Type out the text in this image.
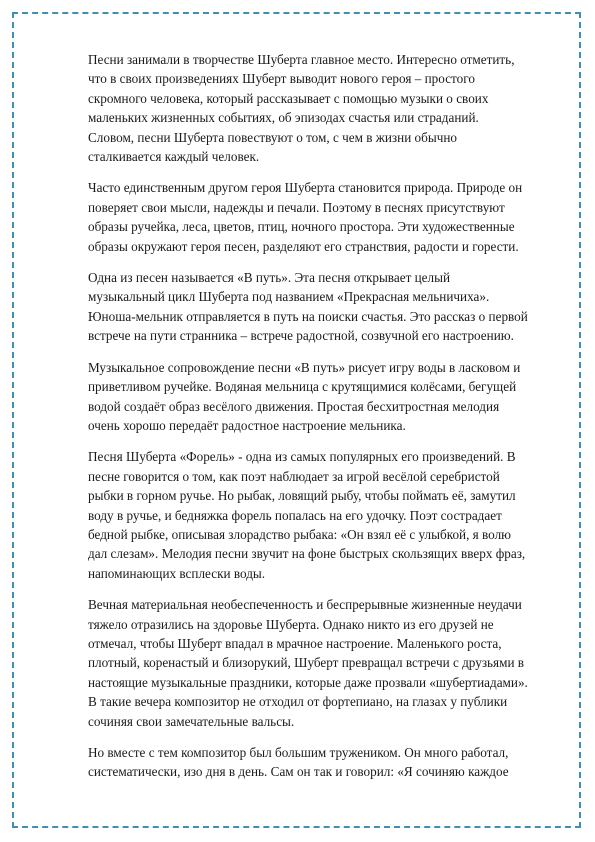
Песни занимали в творчестве Шуберта главное место. Интересно отметить, что в своих произведениях Шуберт выводит нового героя – простого скромного человека, который рассказывает с помощью музыки о своих маленьких жизненных событиях, об эпизодах счастья или страданий. Словом, песни Шуберта повествуют о том, с чем в жизни обычно сталкивается каждый человек.

Часто единственным другом героя Шуберта становится природа. Природе он поверяет свои мысли, надежды и печали. Поэтому в песнях присутствуют образы ручейка, леса, цветов, птиц, ночного простора. Эти художественные образы окружают героя песен, разделяют его странствия, радости и горести.

Одна из песен называется «В путь». Эта песня открывает целый музыкальный цикл Шуберта под названием «Прекрасная мельничиха». Юноша-мельник отправляется в путь на поиски счастья. Это рассказ о первой встрече на пути странника – встрече радостной, созвучной его настроению.

Музыкальное сопровождение песни «В путь» рисует игру воды в ласковом и приветливом ручейке. Водяная мельница с крутящимися колёсами, бегущей водой создаёт образ весёлого движения. Простая бесхитростная мелодия очень хорошо передаёт радостное настроение мельника.

Песня Шуберта «Форель» - одна из самых популярных его произведений. В песне говорится о том, как поэт наблюдает за игрой весёлой серебристой рыбки в горном ручье. Но рыбак, ловящий рыбу, чтобы поймать её, замутил воду в ручье, и бедняжка форель попалась на его удочку. Поэт сострадает бедной рыбке, описывая злорадство рыбака: «Он взял её с улыбкой, я волю дал слезам». Мелодия песни звучит на фоне быстрых скользящих вверх фраз, напоминающих всплески воды.

Вечная материальная необеспеченность и беспрерывные жизненные неудачи тяжело отразились на здоровье Шуберта. Однако никто из его друзей не отмечал, чтобы Шуберт впадал в мрачное настроение. Маленького роста, плотный, коренастый и близорукий, Шуберт превращал встречи с друзьями в настоящие музыкальные праздники, которые даже прозвали «шубертиадами». В такие вечера композитор не отходил от фортепиано, на глазах у публики сочиняя свои замечательные вальсы.

Но вместе с тем композитор был большим тружеником. Он много работал, систематически, изо дня в день. Сам он так и говорил: «Я сочиняю каждое
